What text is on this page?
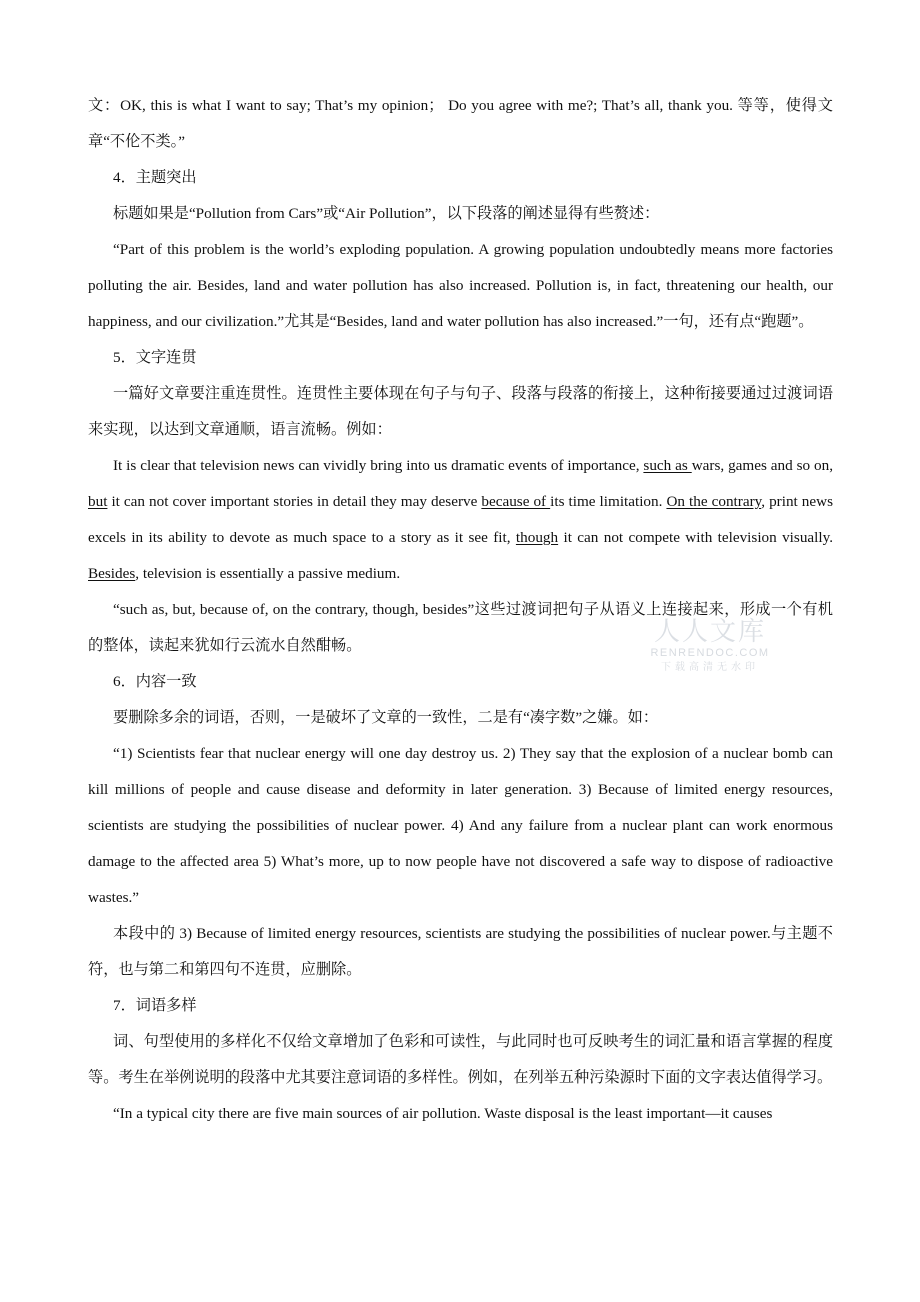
文：OK, this is what I want to say; That’s my opinion； Do you agree with me?; That’s all, thank you. 等等，使得文章“不伦不类。”

4．主题突出

标题如果是“Pollution from Cars”或“Air Pollution”，以下段落的阐述显得有些赘述：

“Part of this problem is the world’s exploding population. A growing population undoubtedly means more factories polluting the air. Besides, land and water pollution has also increased. Pollution is, in fact, threatening our health, our happiness, and our civilization.”尤其是“Besides, land and water pollution has also increased.”一句，还有点“跑题”。

5．文字连贯

一篇好文章要注重连贯性。连贯性主要体现在句子与句子、段落与段落的衔接上，这种衔接要通过过渡词语来实现，以达到文章通顺，语言流畅。例如：

It is clear that television news can vividly bring into us dramatic events of importance, such as wars, games and so on, but it can not cover important stories in detail they may deserve because of its time limitation. On the contrary, print news excels in its ability to devote as much space to a story as it see fit, though it can not compete with television visually. Besides, television is essentially a passive medium.

“such as, but, because of, on the contrary, though, besides”这些过渡词把句子从语义上连接起来，形成一个有机的整体，读起来犹如行云流水自然酣畅。

6．内容一致

要删除多余的词语，否则，一是破坏了文章的一致性，二是有“凑字数”之嫌。如：

“1) Scientists fear that nuclear energy will one day destroy us. 2) They say that the explosion of a nuclear bomb can kill millions of people and cause disease and deformity in later generation. 3) Because of limited energy resources, scientists are studying the possibilities of nuclear power. 4) And any failure from a nuclear plant can work enormous damage to the affected area 5) What’s more, up to now people have not discovered a safe way to dispose of radioactive wastes.”

本段中的 3) Because of limited energy resources, scientists are studying the possibilities of nuclear power.与主题不符，也与第二和第四句不连贯，应删除。

7．词语多样

词、句型使用的多样化不仅给文章增加了色彩和可读性，与此同时也可反映考生的词汇量和语言掌握的程度等。考生在举例说明的段落中尤其要注意词语的多样性。例如，在列举五种污染源时下面的文字表达值得学习。

“In a typical city there are five main sources of air pollution. Waste disposal is the least important—it causes

人人文库
RENRENDOC.COM
下载高清无水印
